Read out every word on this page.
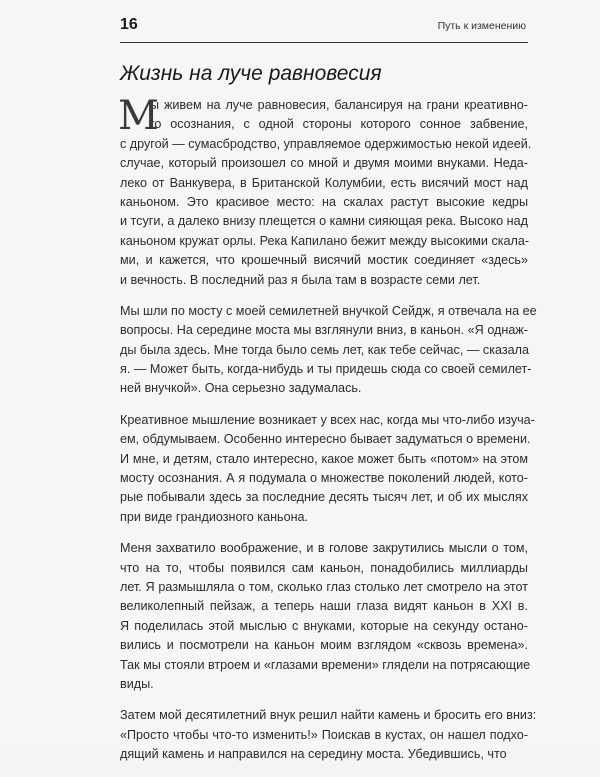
16	Путь к изменению
Жизнь на луче равновесия
М
ы живем на луче равновесия, балансируя на грани креативно-
го осознания, с одной стороны которого сонное забвение,
с другой — сумасбродство, управляемое одержимостью некой идеей.
случае, который произошел со мной и двумя моими внуками. Неда-
леко от Ванкувера, в Британской Колумбии, есть висячий мост над
каньоном. Это красивое место: на скалах растут высокие кедры
и тсуги, а далеко внизу плещется о камни сияющая река. Высоко над
каньоном кружат орлы. Река Капилано бежит между высокими скала-
ми, и кажется, что крошечный висячий мостик соединяет «здесь»
и вечность. В последний раз я была там в возрасте семи лет.
Мы шли по мосту с моей семилетней внучкой Сейдж, я отвечала на ее
вопросы. На середине моста мы взглянули вниз, в каньон. «Я однаж-
ды была здесь. Мне тогда было семь лет, как тебе сейчас, — сказала
я. — Может быть, когда-нибудь и ты придешь сюда со своей семилет-
ней внучкой». Она серьезно задумалась.
Креативное мышление возникает у всех нас, когда мы что-либо изуча-
ем, обдумываем. Особенно интересно бывает задуматься о времени.
И мне, и детям, стало интересно, какое может быть «потом» на этом
мосту осознания. А я подумала о множестве поколений людей, кото-
рые побывали здесь за последние десять тысяч лет, и об их мыслях
при виде грандиозного каньона.
Меня захватило воображение, и в голове закрутились мысли о том,
что на то, чтобы появился сам каньон, понадобились миллиарды
лет. Я размышляла о том, сколько глаз столько лет смотрело на этот
великолепный пейзаж, а теперь наши глаза видят каньон в XXI в.
Я поделилась этой мыслью с внуками, которые на секунду остано-
вились и посмотрели на каньон моим взглядом «сквозь времена».
Так мы стояли втроем и «глазами времени» глядели на потрясающие
виды.
Затем мой десятилетний внук решил найти камень и бросить его вниз:
«Просто чтобы что-то изменить!» Поискав в кустах, он нашел подхо-
дящий камень и направился на середину моста. Убедившись, что
